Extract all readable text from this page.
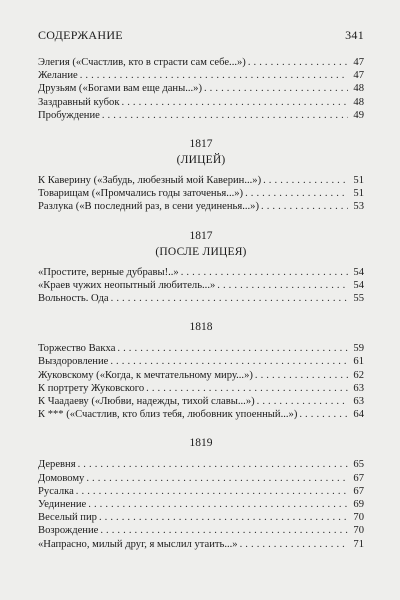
СОДЕРЖАНИЕ	341
Элегия («Счастлив, кто в страсти сам себе...») . . .	47
Желание . . .	47
Друзьям («Богами вам еще даны...») . . .	48
Заздравный кубок . . .	48
Пробуждение . . .	49
1817
(ЛИЦЕЙ)
К Каверину («Забудь, любезный мой Каверин...») . . .	51
Товарищам («Промчались годы заточенья...») . . .	51
Разлука («В последний раз, в сени уединенья...») . . .	53
1817
(ПОСЛЕ ЛИЦЕЯ)
«Простите, верные дубравы!..» . . .	54
«Краев чужих неопытный любитель...» . . .	54
Вольность. Ода . . .	55
1818
Торжество Вакха . . .	59
Выздоровление . . .	61
Жуковскому («Когда, к мечтательному миру...») . . .	62
К портрету Жуковского . . .	63
К Чаадаеву («Любви, надежды, тихой славы...») . . .	63
К *** («Счастлив, кто близ тебя, любовник упоенный...») . . .	64
1819
Деревня . . .	65
Домовому . . .	67
Русалка . . .	67
Уединение . . .	69
Веселый пир . . .	70
Возрождение . . .	70
«Напрасно, милый друг, я мыслил утаить...» . . .	71
